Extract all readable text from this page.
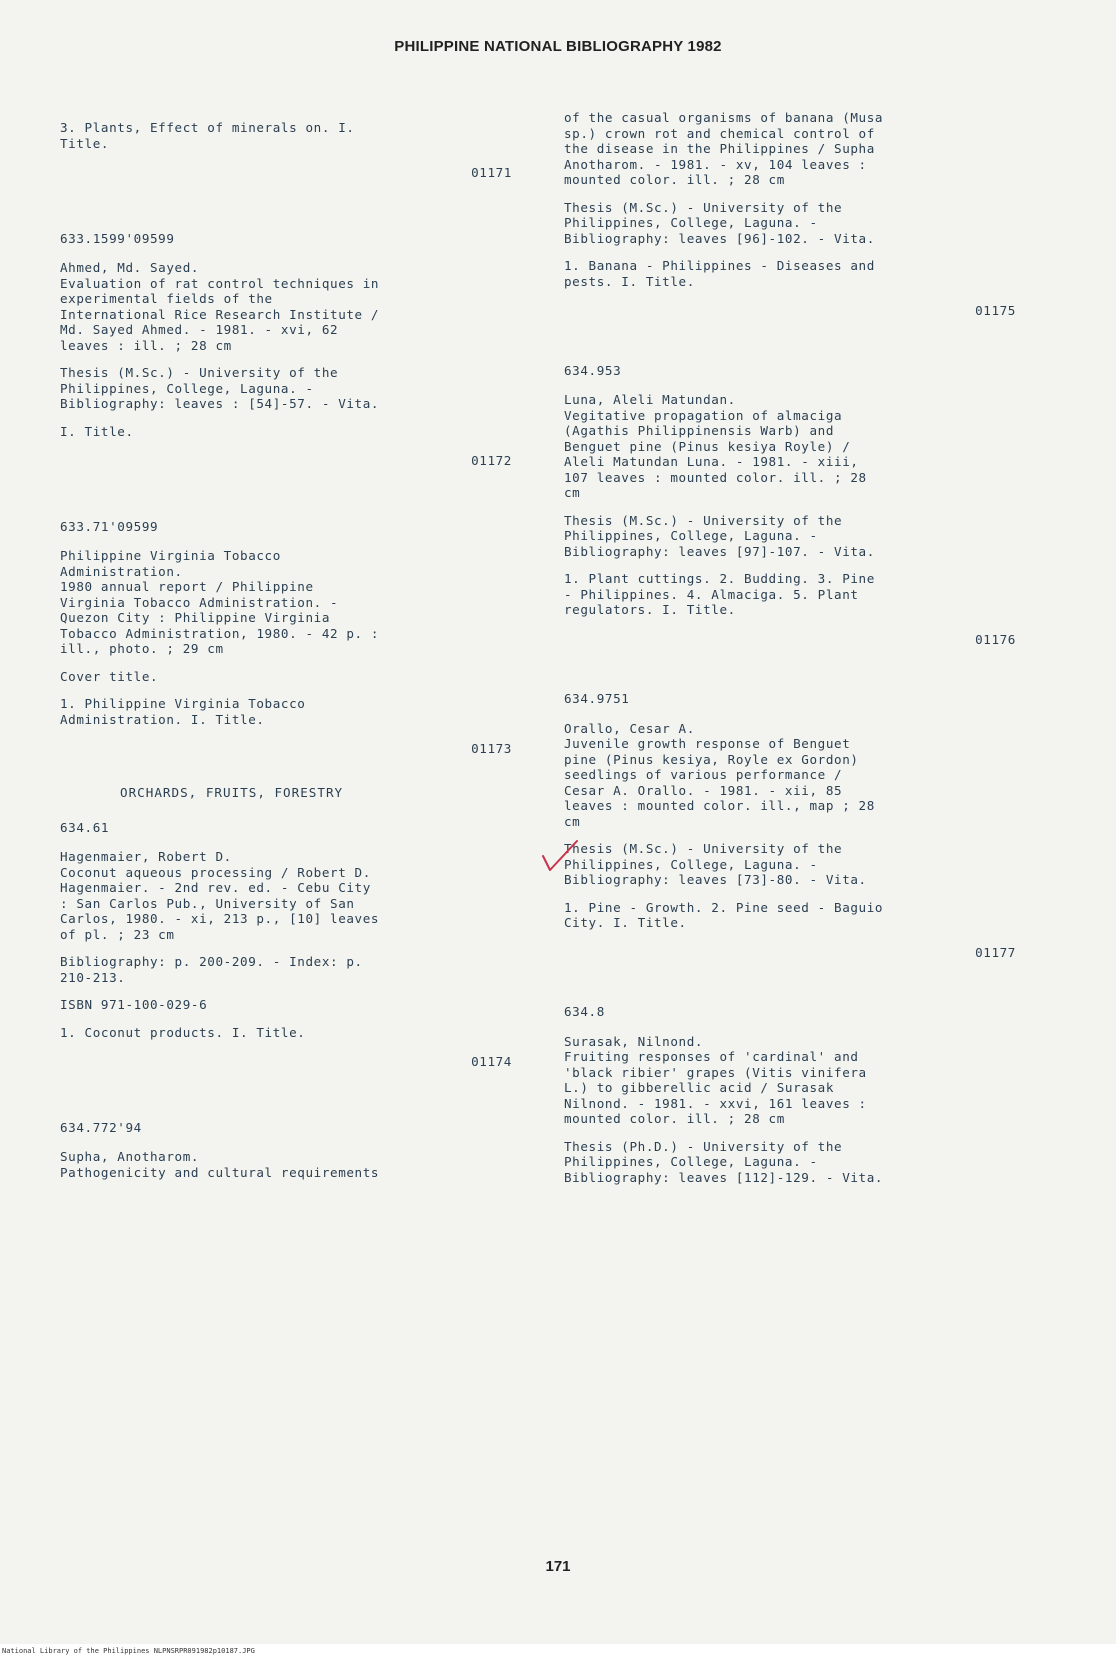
PHILIPPINE NATIONAL BIBLIOGRAPHY 1982

3. Plants, Effect of minerals on. I.
Title.

01171

633.1599'09599

Ahmed, Md. Sayed.
Evaluation of rat control techniques in
experimental fields of the
International Rice Research Institute /
Md. Sayed Ahmed. - 1981. - xvi, 62
leaves : ill. ; 28 cm

Thesis (M.Sc.) - University of the
Philippines, College, Laguna. -
Bibliography: leaves : [54]-57. - Vita.

I. Title.

01172

633.71'09599

Philippine Virginia Tobacco
Administration.
1980 annual report / Philippine
Virginia Tobacco Administration. -
Quezon City : Philippine Virginia
Tobacco Administration, 1980. - 42 p. :
ill., photo. ; 29 cm

Cover title.

1. Philippine Virginia Tobacco
Administration. I. Title.

01173

ORCHARDS, FRUITS, FORESTRY

634.61

Hagenmaier, Robert D.
Coconut aqueous processing / Robert D.
Hagenmaier. - 2nd rev. ed. - Cebu City
: San Carlos Pub., University of San
Carlos, 1980. - xi, 213 p., [10] leaves
of pl. ; 23 cm

Bibliography: p. 200-209. - Index: p.
210-213.

ISBN 971-100-029-6

1. Coconut products. I. Title.

01174

634.772'94

Supha, Anotharom.
Pathogenicity and cultural requirements

of the casual organisms of banana (Musa
sp.) crown rot and chemical control of
the disease in the Philippines / Supha
Anotharom. - 1981. - xv, 104 leaves :
mounted color. ill. ; 28 cm

Thesis (M.Sc.) - University of the
Philippines, College, Laguna. -
Bibliography: leaves [96]-102. - Vita.

1. Banana - Philippines - Diseases and
pests. I. Title.

01175

634.953

Luna, Aleli Matundan.
Vegitative propagation of almaciga
(Agathis Philippinensis Warb) and
Benguet pine (Pinus kesiya Royle) /
Aleli Matundan Luna. - 1981. - xiii,
107 leaves : mounted color. ill. ; 28
cm

Thesis (M.Sc.) - University of the
Philippines, College, Laguna. -
Bibliography: leaves [97]-107. - Vita.

1. Plant cuttings. 2. Budding. 3. Pine
- Philippines. 4. Almaciga. 5. Plant
regulators. I. Title.

01176

634.9751

Orallo, Cesar A.
Juvenile growth response of Benguet
pine (Pinus kesiya, Royle ex Gordon)
seedlings of various performance /
Cesar A. Orallo. - 1981. - xii, 85
leaves : mounted color. ill., map ; 28
cm

Thesis (M.Sc.) - University of the
Philippines, College, Laguna. -
Bibliography: leaves [73]-80. - Vita.

1. Pine - Growth. 2. Pine seed - Baguio
City. I. Title.

01177

634.8

Surasak, Nilnond.
Fruiting responses of 'cardinal' and
'black ribier' grapes (Vitis vinifera
L.) to gibberellic acid / Surasak
Nilnond. - 1981. - xxvi, 161 leaves :
mounted color. ill. ; 28 cm

Thesis (Ph.D.) - University of the
Philippines, College, Laguna. -
Bibliography: leaves [112]-129. - Vita.

171
National Library of the Philippines NLPNSRPR091982p10187.JPG
